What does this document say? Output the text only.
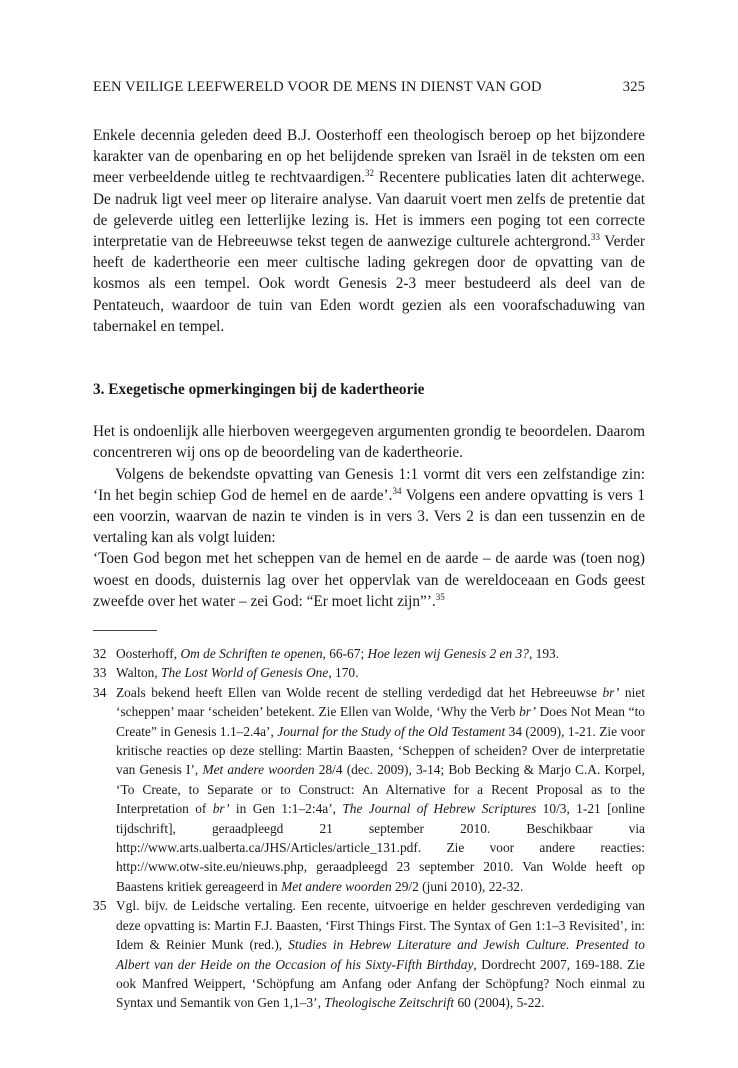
EEN VEILIGE LEEFWERELD VOOR DE MENS IN DIENST VAN GOD	325

Enkele decennia geleden deed B.J. Oosterhoff een theologisch beroep op het bijzondere karakter van de openbaring en op het belijdende spreken van Israël in de teksten om een meer verbeeldende uitleg te rechtvaardigen.$^{32}$ Recentere publicaties laten dit achterwege. De nadruk ligt veel meer op literaire analyse. Van daaruit voert men zelfs de pretentie dat de geleverde uitleg een letterlijke lezing is. Het is immers een poging tot een correcte interpretatie van de Hebreeuwse tekst tegen de aanwezige culturele achtergrond.$^{33}$ Verder heeft de kadertheorie een meer cultische lading gekregen door de opvatting van de kosmos als een tempel. Ook wordt Genesis 2-3 meer bestudeerd als deel van de Pentateuch, waardoor de tuin van Eden wordt gezien als een voorafschaduwing van tabernakel en tempel.

3. Exegetische opmerkingingen bij de kadertheorie

Het is ondoenlijk alle hierboven weergegeven argumenten grondig te beoordelen. Daarom concentreren wij ons op de beoordeling van de kadertheorie.

Volgens de bekendste opvatting van Genesis 1:1 vormt dit vers een zelfstandige zin: ‘In het begin schiep God de hemel en de aarde’.$^{34}$ Volgens een andere opvatting is vers 1 een voorzin, waarvan de nazin te vinden is in vers 3. Vers 2 is dan een tussenzin en de vertaling kan als volgt luiden:

‘Toen God begon met het scheppen van de hemel en de aarde – de aarde was (toen nog) woest en doods, duisternis lag over het oppervlak van de wereldoceaan en Gods geest zweefde over het water – zei God: “Er moet licht zijn”’.$^{35}$

32 Oosterhoff, Om de Schriften te openen, 66-67; Hoe lezen wij Genesis 2 en 3?, 193.
33 Walton, The Lost World of Genesis One, 170.
34 Zoals bekend heeft Ellen van Wolde recent de stelling verdedigd dat het Hebreeuwse br’ niet ‘scheppen’ maar ‘scheiden’ betekent. Zie Ellen van Wolde, ‘Why the Verb br’ Does Not Mean “to Create” in Genesis 1.1–2.4a’, Journal for the Study of the Old Testament 34 (2009), 1-21. Zie voor kritische reacties op deze stelling: Martin Baasten, ‘Scheppen of scheiden? Over de interpretatie van Genesis I’, Met andere woorden 28/4 (dec. 2009), 3-14; Bob Becking & Marjo C.A. Korpel, ‘To Create, to Separate or to Construct: An Alternative for a Recent Proposal as to the Interpretation of br’ in Gen 1:1–2:4a’, The Journal of Hebrew Scriptures 10/3, 1-21 [online tijdschrift], geraadpleegd 21 september 2010. Beschikbaar via http://www.arts.ualberta.ca/JHS/Articles/article_131.pdf. Zie voor andere reacties: http://www.otw-site.eu/nieuws.php, geraadpleegd 23 september 2010. Van Wolde heeft op Baastens kritiek gereageerd in Met andere woorden 29/2 (juni 2010), 22-32.
35 Vgl. bijv. de Leidsche vertaling. Een recente, uitvoerige en helder geschreven verdediging van deze opvatting is: Martin F.J. Baasten, ‘First Things First. The Syntax of Gen 1:1–3 Revisited’, in: Idem & Reinier Munk (red.), Studies in Hebrew Literature and Jewish Culture. Presented to Albert van der Heide on the Occasion of his Sixty-Fifth Birthday, Dordrecht 2007, 169-188. Zie ook Manfred Weippert, ‘Schöpfung am Anfang oder Anfang der Schöpfung? Noch einmal zu Syntax und Semantik von Gen 1,1–3’, Theologische Zeitschrift 60 (2004), 5-22.
